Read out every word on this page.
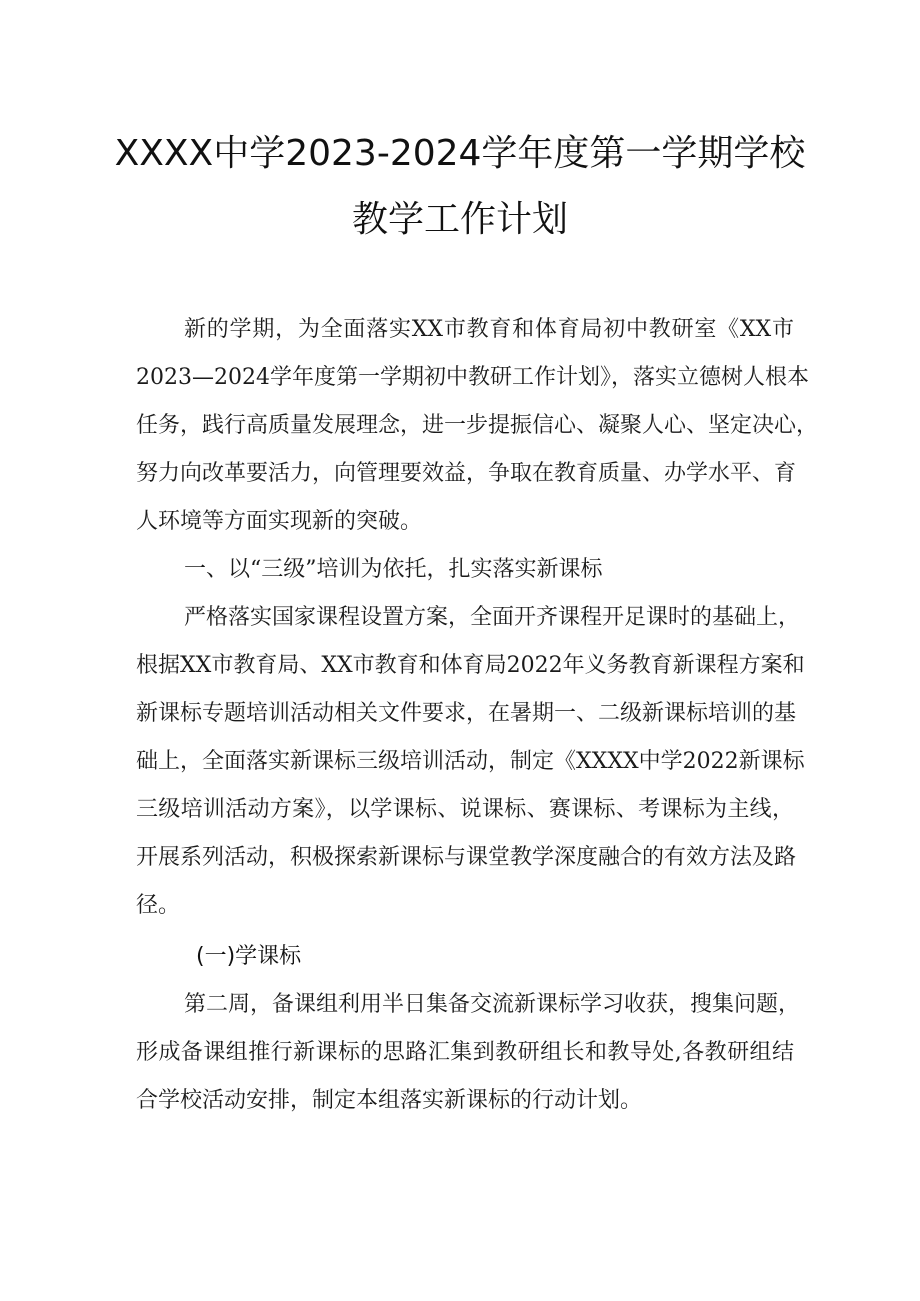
XXXX中学2023-2024学年度第一学期学校
教学工作计划
新的学期，为全面落实XX市教育和体育局初中教研室《XX市
2023—2024学年度第一学期初中教研工作计划》，落实立德树人根本
任务，践行高质量发展理念，进一步提振信心、凝聚人心、坚定决心，
努力向改革要活力，向管理要效益，争取在教育质量、办学水平、育
人环境等方面实现新的突破。
一、以“三级”培训为依托，扎实落实新课标
严格落实国家课程设置方案，全面开齐课程开足课时的基础上，
根据XX市教育局、XX市教育和体育局2022年义务教育新课程方案和
新课标专题培训活动相关文件要求，在暑期一、二级新课标培训的基
础上，全面落实新课标三级培训活动，制定《XXXX中学2022新课标
三级培训活动方案》，以学课标、说课标、赛课标、考课标为主线，
开展系列活动，积极探索新课标与课堂教学深度融合的有效方法及路
径。
(一)学课标
第二周，备课组利用半日集备交流新课标学习收获，搜集问题，
形成备课组推行新课标的思路汇集到教研组长和教导处,各教研组结
合学校活动安排，制定本组落实新课标的行动计划。
